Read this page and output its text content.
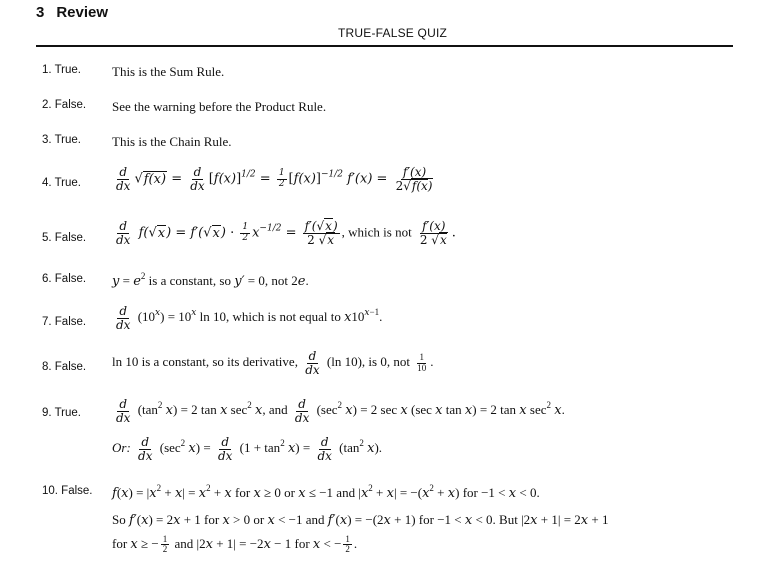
3 Review
TRUE-FALSE QUIZ
1. True. This is the Sum Rule.
2. False. See the warning before the Product Rule.
3. True. This is the Chain Rule.
4. True.	$\frac{d}{dx} √f(x) = \frac{d}{dx} [f(x)]^{1/2} = \frac{1}{2} [f(x)]^{-1/2}$ $f'(x) = \frac{f'(x)}{2√f(x)}$
5. False. $\frac{d}{dx} f(√x) = f'(√x) \cdot \frac{1}{2} x^{-1/2} = \frac{f'(√x)}{2 √x}$ , which is not $\frac{f'(x)}{2 √x}$ .
6. False. $y = e^2$ is a constant, so y′ = 0, not 2e.
7. False. $\frac{d}{dx} (10^x) = 10^x$ ln 10, which is not equal to $x10^{x-1}$.
8. False. ln 10 is a constant, so its derivative, $\frac{d}{dx} (\ln$ 10), is 0, not $\frac{1}{10}$ .
9. True.	$\frac{d}{dx} (\tan^2$ x) = 2 tan x $\sec^2 x$, and $\frac{d}{dx} (\sec^2$ x) = 2 sec x (sec x tan x) = 2 tan x $\sec^2 x$.
Or: $\frac{d}{dx} (\sec^2$ $x) = \frac{d}{dx} (1 + \tan^2 x) = \frac{d}{dx} (\tan^2$ x).
10. False. $f(x) = |x^2 + x| = x^2 + x$ for x ≥ 0 or x ≤ −1 and $|x^2 + x| = -(x^2 + x)$ for −1 < x < 0.
So f′(x) = 2x + 1 for x > 0 or x < −1 and f′(x) = −(2x + 1) for −1 < x < 0. But |2x + 1| = 2x + 1
for x ≥ − $\frac{1}{2}$ and |2x + 1| = −2x − 1 for x < − $\frac{1}{2}$ .
